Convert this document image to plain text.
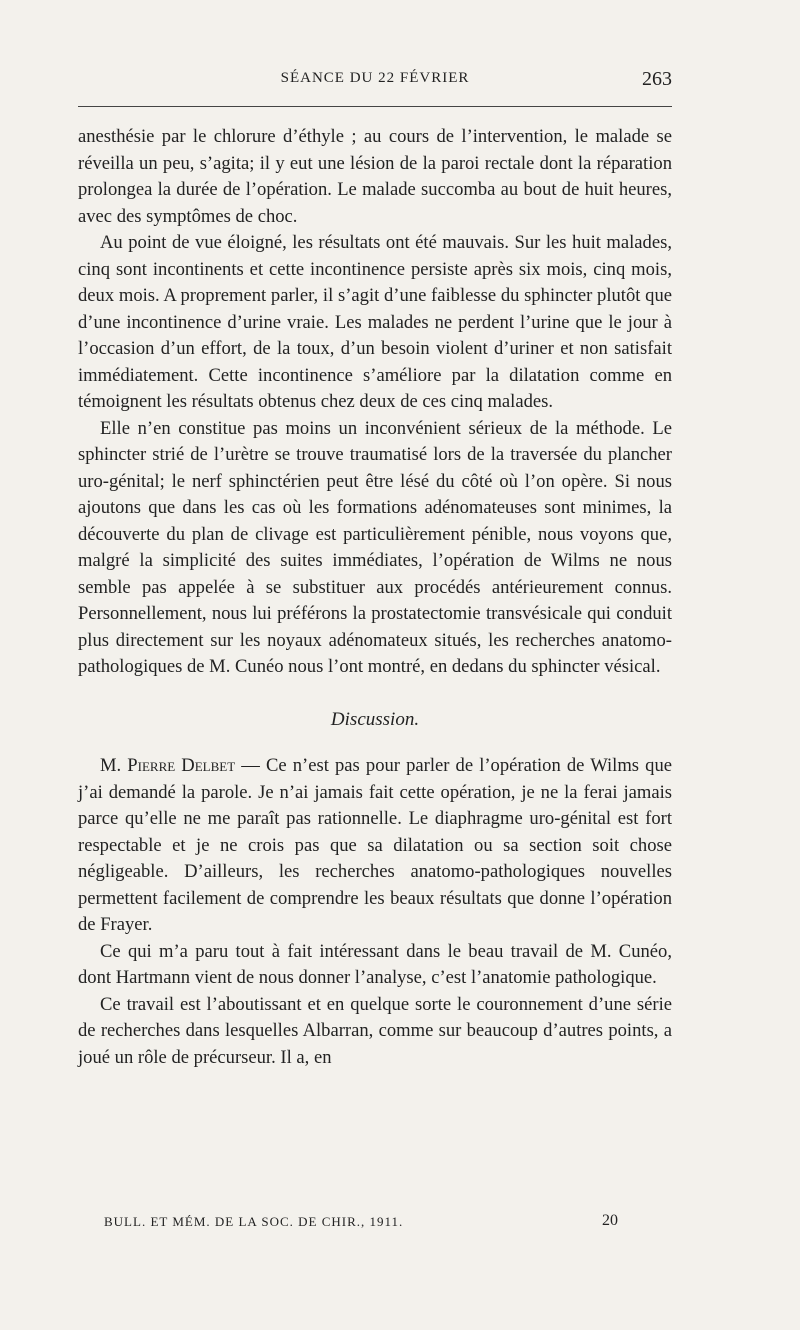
SÉANCE DU 22 FÉVRIER	263

anesthésie par le chlorure d’éthyle ; au cours de l’intervention, le malade se réveilla un peu, s’agita; il y eut une lésion de la paroi rectale dont la réparation prolongea la durée de l’opération. Le malade succomba au bout de huit heures, avec des symptômes de choc.

Au point de vue éloigné, les résultats ont été mauvais. Sur les huit malades, cinq sont incontinents et cette incontinence persiste après six mois, cinq mois, deux mois. A proprement parler, il s’agit d’une faiblesse du sphincter plutôt que d’une incontinence d’urine vraie. Les malades ne perdent l’urine que le jour à l’occasion d’un effort, de la toux, d’un besoin violent d’uriner et non satisfait immédiatement. Cette incontinence s’améliore par la dilatation comme en témoignent les résultats obtenus chez deux de ces cinq malades.

Elle n’en constitue pas moins un inconvénient sérieux de la méthode. Le sphincter strié de l’urètre se trouve traumatisé lors de la traversée du plancher uro-génital; le nerf sphinctérien peut être lésé du côté où l’on opère. Si nous ajoutons que dans les cas où les formations adénomateuses sont minimes, la découverte du plan de clivage est particulièrement pénible, nous voyons que, malgré la simplicité des suites immédiates, l’opération de Wilms ne nous semble pas appelée à se substituer aux procédés antérieurement connus. Personnellement, nous lui préférons la prostatectomie transvésicale qui conduit plus directement sur les noyaux adénomateux situés, les recherches anatomo-pathologiques de M. Cunéo nous l’ont montré, en dedans du sphincter vésical.

Discussion.

M. Pierre Delbet — Ce n’est pas pour parler de l’opération de Wilms que j’ai demandé la parole. Je n’ai jamais fait cette opération, je ne la ferai jamais parce qu’elle ne me paraît pas rationnelle. Le diaphragme uro-génital est fort respectable et je ne crois pas que sa dilatation ou sa section soit chose négligeable. D’ailleurs, les recherches anatomo-pathologiques nouvelles permettent facilement de comprendre les beaux résultats que donne l’opération de Frayer.

Ce qui m’a paru tout à fait intéressant dans le beau travail de M. Cunéo, dont Hartmann vient de nous donner l’analyse, c’est l’anatomie pathologique.

Ce travail est l’aboutissant et en quelque sorte le couronnement d’une série de recherches dans lesquelles Albarran, comme sur beaucoup d’autres points, a joué un rôle de précurseur. Il a, en

BULL. ET MÉM. DE LA SOC. DE CHIR., 1911.	20
